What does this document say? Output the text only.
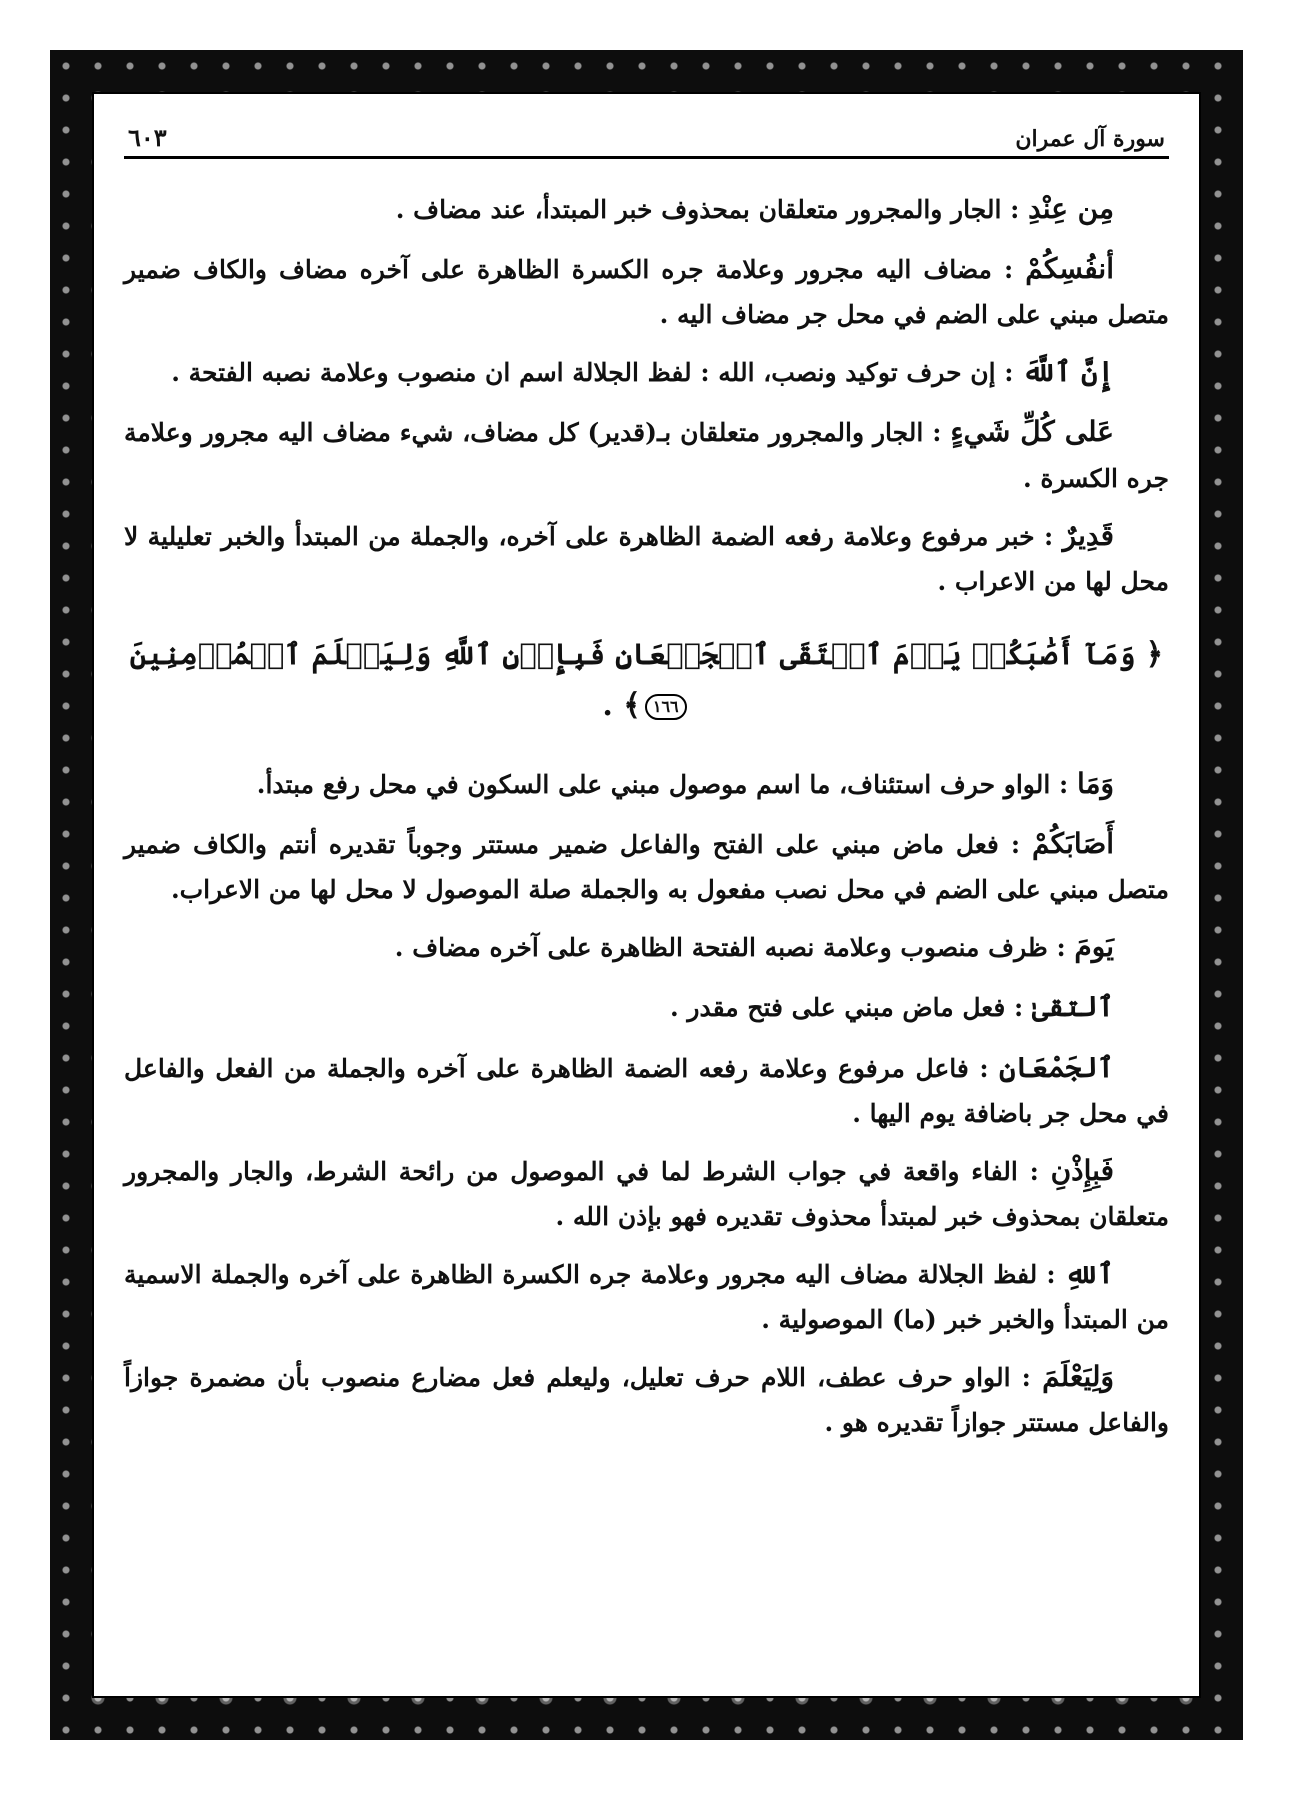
سورة آل عمران
٦٠٣

مِن عِنْدِ : الجار والمجرور متعلقان بمحذوف خبر المبتدأ، عند مضاف .

أنفُسِكُمْ : مضاف اليه مجرور وعلامة جره الكسرة الظاهرة على آخره مضاف والكاف ضمير متصل مبني على الضم في محل جر مضاف اليه .

إِنَّ ٱللَّهَ : إن حرف توكيد ونصب، الله : لفظ الجلالة اسم ان منصوب وعلامة نصبه الفتحة .

عَلى كُلِّ شَيءٍ : الجار والمجرور متعلقان بـ(قدير) كل مضاف، شيء مضاف اليه مجرور وعلامة جره الكسرة .

قَدِيرٌ : خبر مرفوع وعلامة رفعه الضمة الظاهرة على آخره، والجملة من المبتدأ والخبر تعليلية لا محل لها من الاعراب .

﴿ وَمَآ أَصَٰبَكُمۡ يَوۡمَ ٱلۡتَقَى ٱلۡجَمۡعَانِ فَبِإِذۡنِ ٱللَّهِ وَلِيَعۡلَمَ ٱلۡمُؤۡمِنِينَ ١٦٦﴾ .

وَمَا : الواو حرف استئناف، ما اسم موصول مبني على السكون في محل رفع مبتدأ.

أَصَابَكُمْ : فعل ماض مبني على الفتح والفاعل ضمير مستتر وجوباً تقديره أنتم والكاف ضمير متصل مبني على الضم في محل نصب مفعول به والجملة صلة الموصول لا محل لها من الاعراب.

يَومَ : ظرف منصوب وعلامة نصبه الفتحة الظاهرة على آخره مضاف .

ٱلتقىٰ : فعل ماض مبني على فتح مقدر .

ٱلجَمْعَانِ : فاعل مرفوع وعلامة رفعه الضمة الظاهرة على آخره والجملة من الفعل والفاعل في محل جر باضافة يوم اليها .

فَبِإِذْنِ : الفاء واقعة في جواب الشرط لما في الموصول من رائحة الشرط، والجار والمجرور متعلقان بمحذوف خبر لمبتدأ محذوف تقديره فهو بإذن الله .

ٱللهِ : لفظ الجلالة مضاف اليه مجرور وعلامة جره الكسرة الظاهرة على آخره والجملة الاسمية من المبتدأ والخبر خبر (ما) الموصولية .

وَلِيَعْلَمَ : الواو حرف عطف، اللام حرف تعليل، وليعلم فعل مضارع منصوب بأن مضمرة جوازاً والفاعل مستتر جوازاً تقديره هو .
